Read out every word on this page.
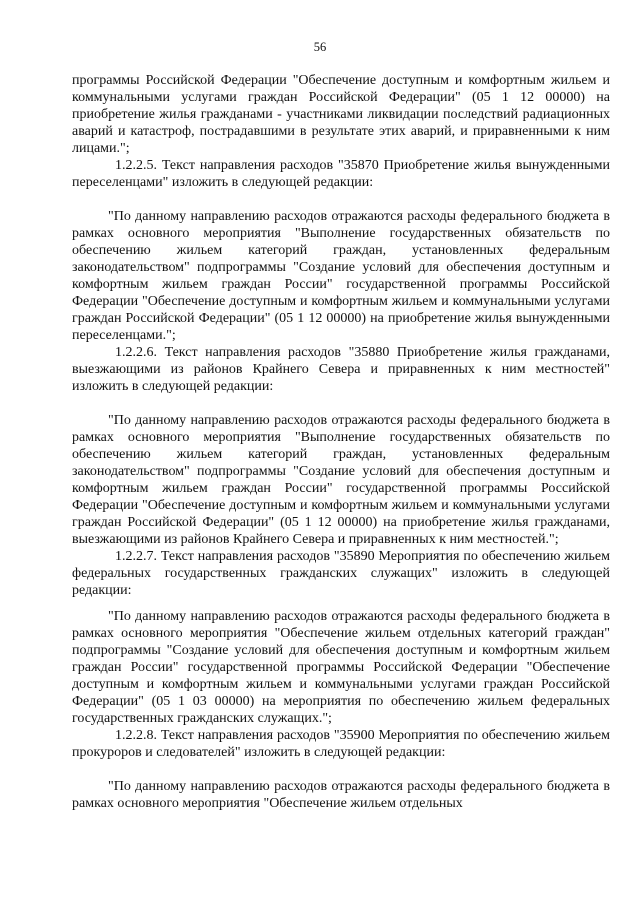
56

программы Российской Федерации "Обеспечение доступным и комфортным жильем и коммунальными услугами граждан Российской Федерации" (05 1 12 00000) на приобретение жилья гражданами - участниками ликвидации последствий радиационных аварий и катастроф, пострадавшими в результате этих аварий, и приравненными к ним лицами.";

1.2.2.5. Текст направления расходов "35870 Приобретение жилья вынужденными переселенцами" изложить в следующей редакции:

"По данному направлению расходов отражаются расходы федерального бюджета в рамках основного мероприятия "Выполнение государственных обязательств по обеспечению жильем категорий граждан, установленных федеральным законодательством" подпрограммы "Создание условий для обеспечения доступным и комфортным жильем граждан России" государственной программы Российской Федерации "Обеспечение доступным и комфортным жильем и коммунальными услугами граждан Российской Федерации" (05 1 12 00000) на приобретение жилья вынужденными переселенцами.";

1.2.2.6. Текст направления расходов "35880 Приобретение жилья гражданами, выезжающими из районов Крайнего Севера и приравненных к ним местностей" изложить в следующей редакции:

"По данному направлению расходов отражаются расходы федерального бюджета в рамках основного мероприятия "Выполнение государственных обязательств по обеспечению жильем категорий граждан, установленных федеральным законодательством" подпрограммы "Создание условий для обеспечения доступным и комфортным жильем граждан России" государственной программы Российской Федерации "Обеспечение доступным и комфортным жильем и коммунальными услугами граждан Российской Федерации" (05 1 12 00000) на приобретение жилья гражданами, выезжающими из районов Крайнего Севера и приравненных к ним местностей.";

1.2.2.7. Текст направления расходов "35890 Мероприятия по обеспечению жильем федеральных государственных гражданских служащих" изложить в следующей редакции:

"По данному направлению расходов отражаются расходы федерального бюджета в рамках основного мероприятия "Обеспечение жильем отдельных категорий граждан" подпрограммы "Создание условий для обеспечения доступным и комфортным жильем граждан России" государственной программы Российской Федерации "Обеспечение доступным и комфортным жильем и коммунальными услугами граждан Российской Федерации" (05 1 03 00000) на мероприятия по обеспечению жильем федеральных государственных гражданских служащих.";

1.2.2.8. Текст направления расходов "35900 Мероприятия по обеспечению жильем прокуроров и следователей" изложить в следующей редакции:

"По данному направлению расходов отражаются расходы федерального бюджета в рамках основного мероприятия "Обеспечение жильем отдельных
